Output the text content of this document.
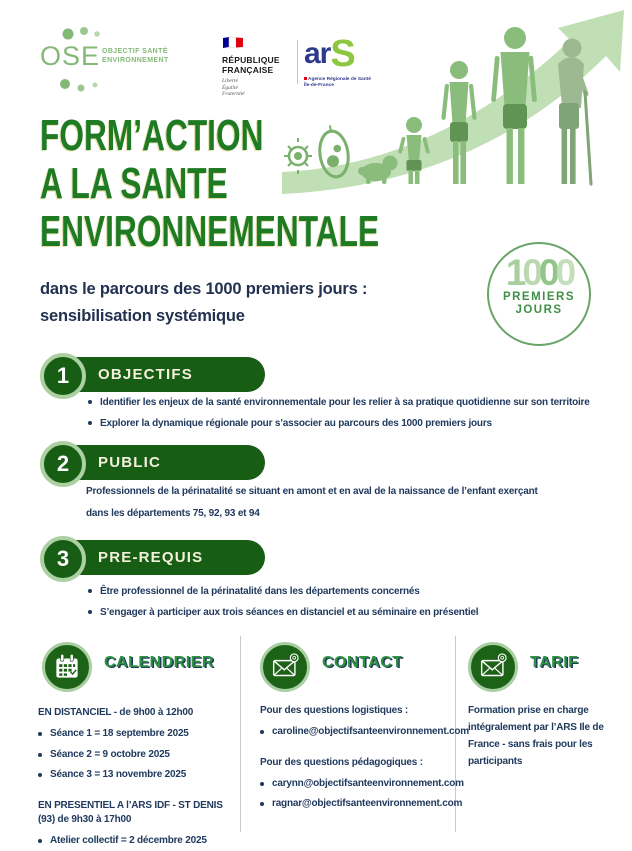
OSE OBJECTIF SANTÉ
ENVIRONNEMENT	RÉPUBLIQUE
FRANÇAISE
Liberté
Égalité
Fraternité
arS
Agence Régionale de Santé
Île-de-France
FORM’ACTION
A LA SANTE
ENVIRONNEMENTALE
dans le parcours des 1000 premiers jours :
sensibilisation systémique
1000
PREMIERS
JOURS
1 OBJECTIFS
Identifier les enjeux de la santé environnementale pour les relier à sa pratique quotidienne sur son territoire
Explorer la dynamique régionale pour s’associer au parcours des 1000 premiers jours
2 PUBLIC
Professionnels de la périnatalité se situant en amont et en aval de la naissance de l’enfant exerçant dans les départements 75, 92, 93 et 94
3 PRE-REQUIS
Être professionnel de la périnatalité dans les départements concernés
S’engager à participer aux trois séances en distanciel et au séminaire en présentiel
CALENDRIER
EN DISTANCIEL - de 9h00 à 12h00
Séance 1 = 18 septembre 2025
Séance 2 = 9 octobre 2025
Séance 3 = 13 novembre 2025
EN PRESENTIEL A l’ARS IDF - ST DENIS (93) de 9h30 à 17h00
Atelier collectif = 2 décembre 2025
CONTACT
Pour des questions logistiques :
caroline@objectifsanteenvironnement.com
Pour des questions pédagogiques :
carynn@objectifsanteenvironnement.com
ragnar@objectifsanteenvironnement.com
TARIF
Formation prise en charge intégralement par l’ARS Ile de France - sans frais pour les participants
